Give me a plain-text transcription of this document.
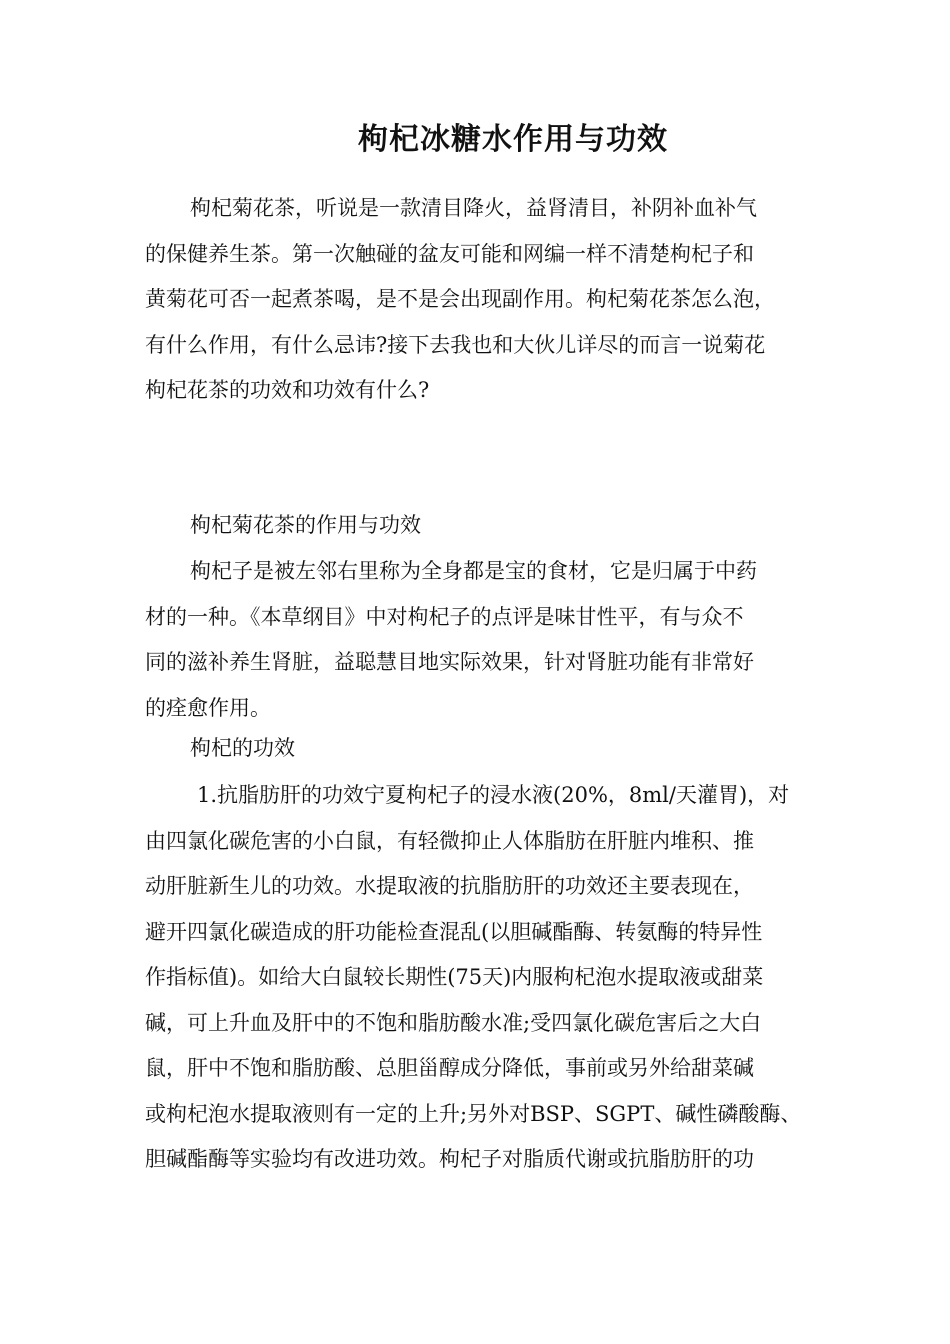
枸杞冰糖水作用与功效
枸杞菊花茶，听说是一款清目降火，益肾清目，补阴补血补气
的保健养生茶。第一次触碰的盆友可能和网编一样不清楚枸杞子和
黄菊花可否一起煮茶喝，是不是会出现副作用。枸杞菊花茶怎么泡，
有什么作用，有什么忌讳?接下去我也和大伙儿详尽的而言一说菊花
枸杞花茶的功效和功效有什么?
枸杞菊花茶的作用与功效
枸杞子是被左邻右里称为全身都是宝的食材，它是归属于中药
材的一种。《本草纲目》中对枸杞子的点评是味甘性平，有与众不
同的滋补养生肾脏，益聪慧目地实际效果，针对肾脏功能有非常好
的痊愈作用。
枸杞的功效
1.抗脂肪肝的功效宁夏枸杞子的浸水液(20%，8ml/天灌胃)，对
由四氯化碳危害的小白鼠，有轻微抑止人体脂肪在肝脏内堆积、推
动肝脏新生儿的功效。水提取液的抗脂肪肝的功效还主要表现在，
避开四氯化碳造成的肝功能检查混乱(以胆碱酯酶、转氨酶的特异性
作指标值)。如给大白鼠较长期性(75天)内服枸杞泡水提取液或甜菜
碱，可上升血及肝中的不饱和脂肪酸水准;受四氯化碳危害后之大白
鼠，肝中不饱和脂肪酸、总胆甾醇成分降低，事前或另外给甜菜碱
或枸杞泡水提取液则有一定的上升;另外对BSP、SGPT、碱性磷酸酶、
胆碱酯酶等实验均有改进功效。枸杞子对脂质代谢或抗脂肪肝的功
